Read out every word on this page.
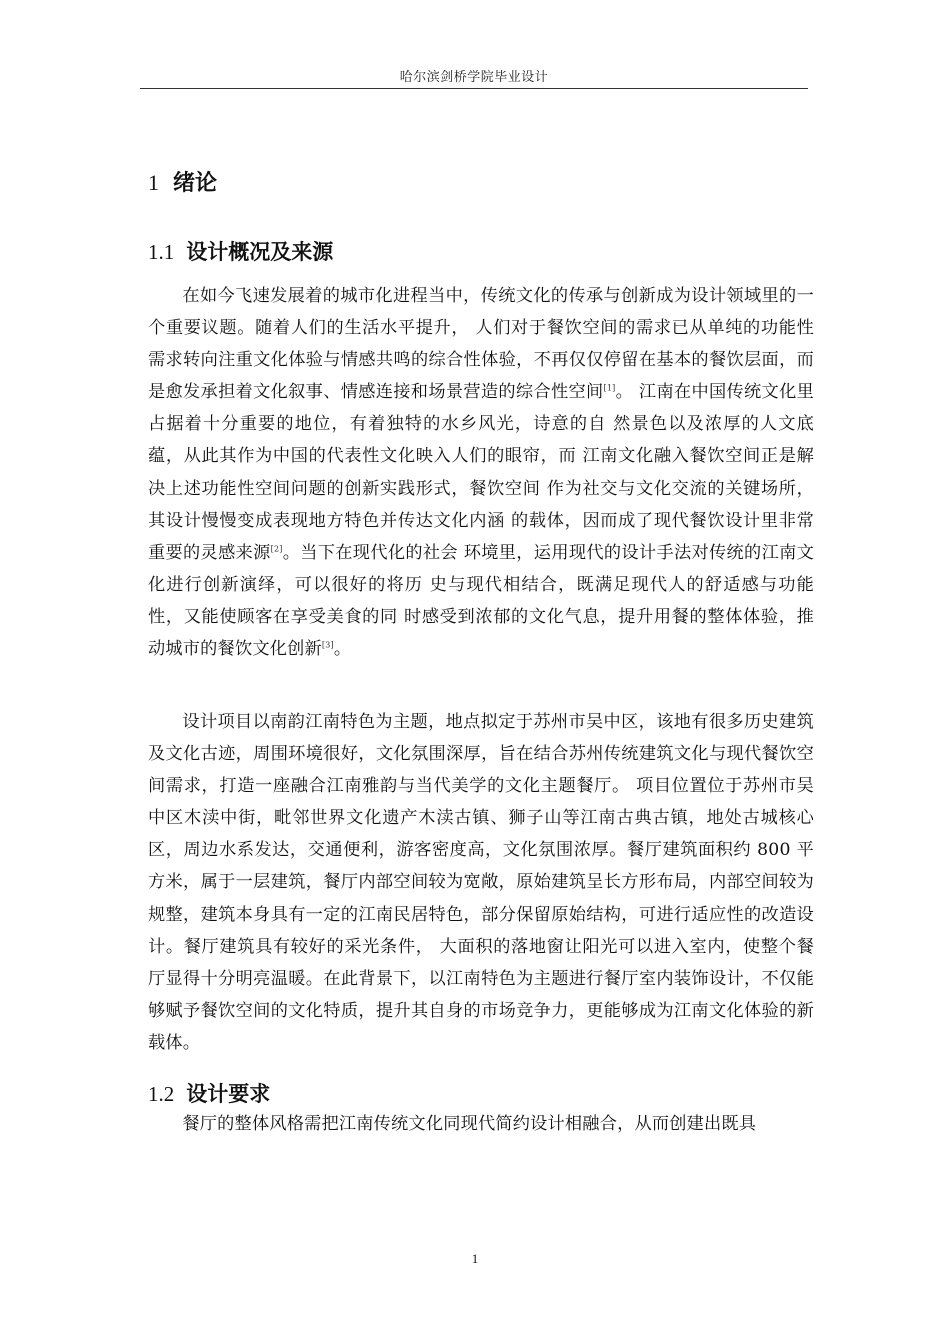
哈尔滨剑桥学院毕业设计
1 绪论
1.1 设计概况及来源
在如今飞速发展着的城市化进程当中，传统文化的传承与创新成为设计领域里的一个重要议题。随着人们的生活水平提升， 人们对于餐饮空间的需求已从单纯的功能性需求转向注重文化体验与情感共鸣的综合性体验，不再仅仅停留在基本的餐饮层面，而是愈发承担着文化叙事、情感连接和场景营造的综合性空间[1]。 江南在中国传统文化里占据着十分重要的地位，有着独特的水乡风光，诗意的自 然景色以及浓厚的人文底蕴，从此其作为中国的代表性文化映入人们的眼帘，而 江南文化融入餐饮空间正是解决上述功能性空间问题的创新实践形式，餐饮空间 作为社交与文化交流的关键场所，其设计慢慢变成表现地方特色并传达文化内涵 的载体，因而成了现代餐饮设计里非常重要的灵感来源[2]。当下在现代化的社会 环境里，运用现代的设计手法对传统的江南文化进行创新演绎，可以很好的将历 史与现代相结合，既满足现代人的舒适感与功能性，又能使顾客在享受美食的同 时感受到浓郁的文化气息，提升用餐的整体体验，推动城市的餐饮文化创新[3]。
设计项目以南韵江南特色为主题，地点拟定于苏州市吴中区，该地有很多历史建筑及文化古迹，周围环境很好，文化氛围深厚，旨在结合苏州传统建筑文化与现代餐饮空间需求，打造一座融合江南雅韵与当代美学的文化主题餐厅。 项目位置位于苏州市吴中区木渎中街，毗邻世界文化遗产木渎古镇、狮子山等江南古典古镇，地处古城核心区，周边水系发达，交通便利，游客密度高，文化氛围浓厚。餐厅建筑面积约 800 平方米，属于一层建筑，餐厅内部空间较为宽敞，原始建筑呈长方形布局，内部空间较为规整，建筑本身具有一定的江南民居特色，部分保留原始结构，可进行适应性的改造设计。餐厅建筑具有较好的采光条件， 大面积的落地窗让阳光可以进入室内，使整个餐厅显得十分明亮温暖。在此背景下，以江南特色为主题进行餐厅室内装饰设计，不仅能够赋予餐饮空间的文化特质，提升其自身的市场竞争力，更能够成为江南文化体验的新载体。
1.2 设计要求
餐厅的整体风格需把江南传统文化同现代简约设计相融合，从而创建出既具
1
